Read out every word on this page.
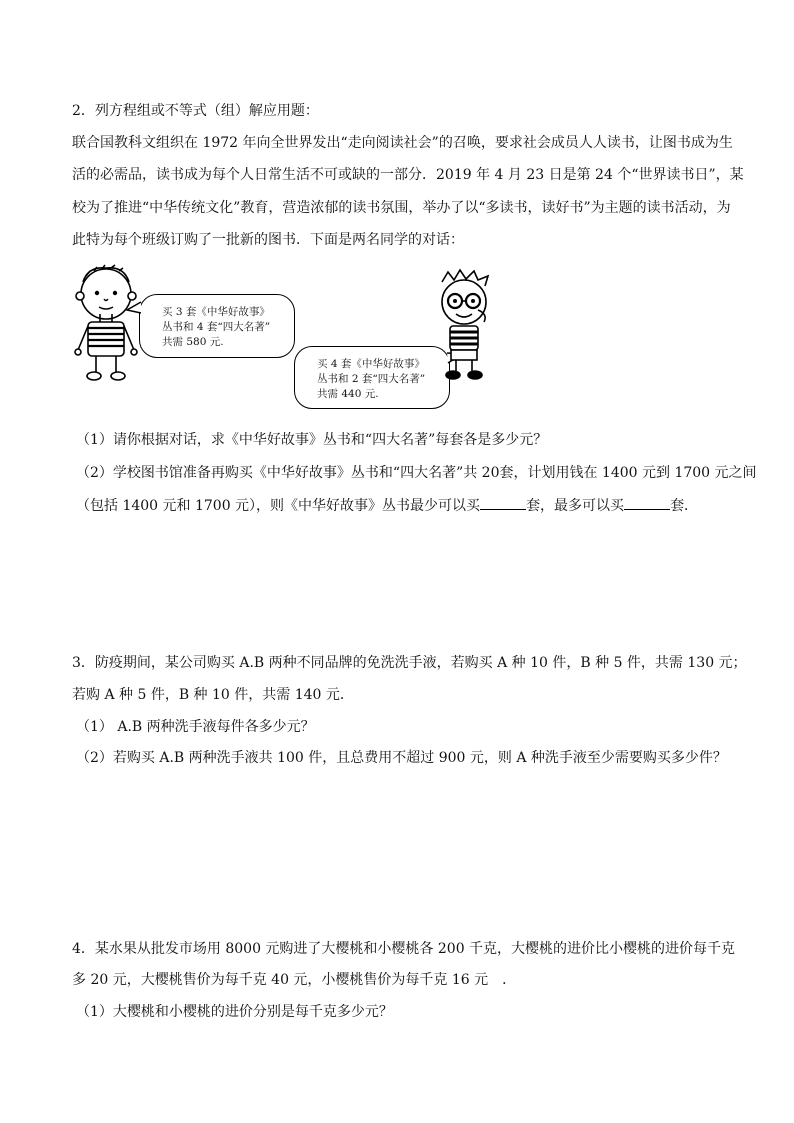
2．列方程组或不等式（组）解应用题：
联合国教科文组织在 1972 年向全世界发出“走向阅读社会”的召唤，要求社会成员人人读书，让图书成为生
活的必需品，读书成为每个人日常生活不可或缺的一部分．2019 年 4 月 23 日是第 24 个“世界读书日”，某
校为了推进“中华传统文化”教育，营造浓郁的读书氛围，举办了以“多读书，读好书”为主题的读书活动，为
此特为每个班级订购了一批新的图书．下面是两名同学的对话：
买 3 套《中华好故事》
丛书和 4 套“四大名著”
共需 580 元.
买 4 套《中华好故事》
丛书和 2 套“四大名著”
共需 440 元.
（1）请你根据对话，求《中华好故事》丛书和“四大名著”每套各是多少元？
（2）学校图书馆准备再购买《中华好故事》丛书和“四大名著”共 20套，计划用钱在 1400 元到 1700 元之间
（包括 1400 元和 1700 元），则《中华好故事》丛书最少可以买	套，最多可以买	套．
3．防疫期间，某公司购买 A.B 两种不同品牌的免洗洗手液，若购买 A 种 10 件，B 种 5 件，共需 130 元；
若购 A 种 5 件，B 种 10 件，共需 140 元．
（1） A.B 两种洗手液每件各多少元？
（2）若购买 A.B 两种洗手液共 100 件，且总费用不超过 900 元，则 A 种洗手液至少需要购买多少件？
4．某水果从批发市场用 8000 元购进了大樱桃和小樱桃各 200 千克，大樱桃的进价比小樱桃的进价每千克
多 20 元，大樱桃售价为每千克 40 元，小樱桃售价为每千克 16 元　．
（1）大樱桃和小樱桃的进价分别是每千克多少元？
